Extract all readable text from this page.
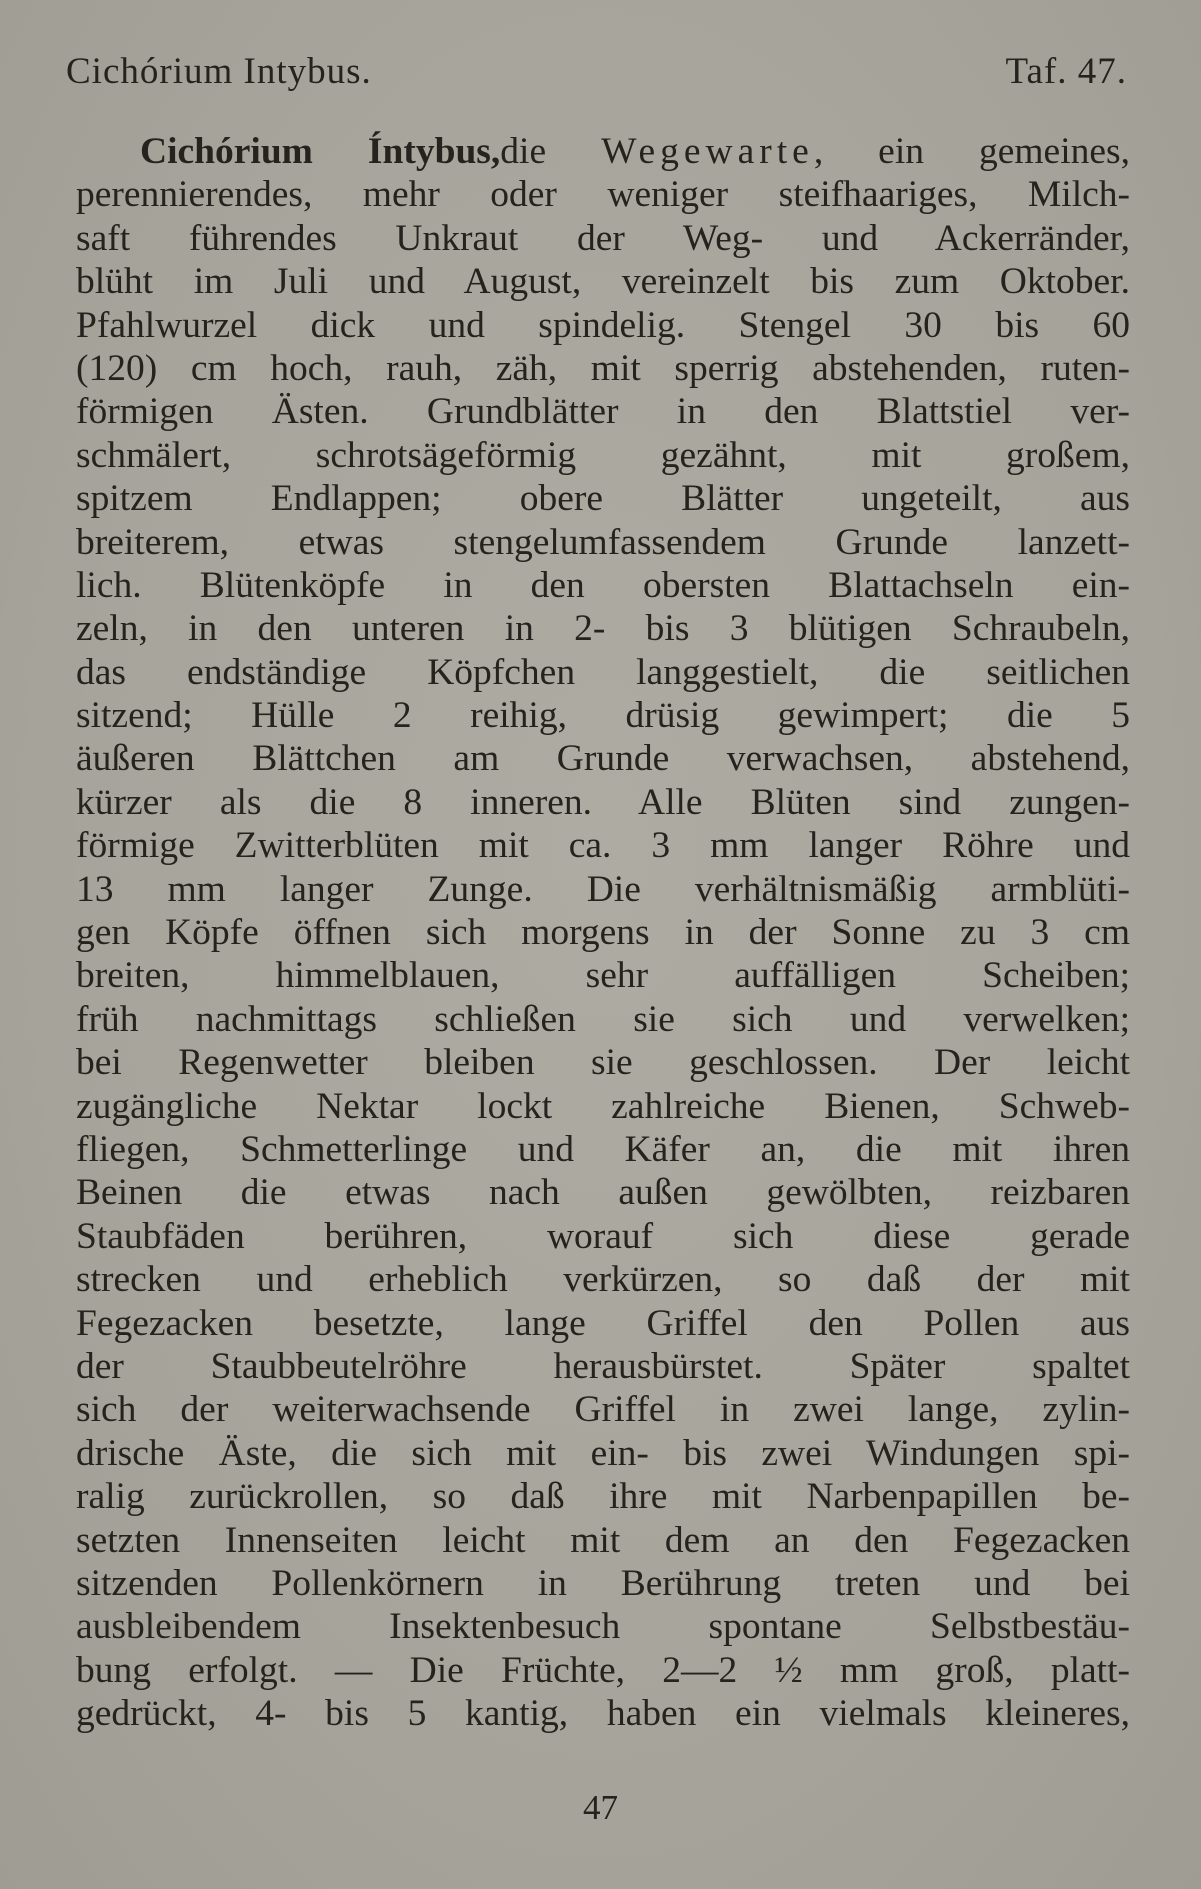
Cichórium Intybus.	Taf. 47.
Cichórium Íntybus,die Wegewarte, ein gemeines,
perennierendes, mehr oder weniger steifhaariges, Milch-
saft führendes Unkraut der Weg- und Ackerränder,
blüht im Juli und August, vereinzelt bis zum Oktober.
Pfahlwurzel dick und spindelig. Stengel 30 bis 60
(120) cm hoch, rauh, zäh, mit sperrig abstehenden, ruten-
förmigen Ästen. Grundblätter in den Blattstiel ver-
schmälert, schrotsägeförmig gezähnt, mit großem,
spitzem Endlappen; obere Blätter ungeteilt, aus
breiterem, etwas stengelumfassendem Grunde lanzett-
lich. Blütenköpfe in den obersten Blattachseln ein-
zeln, in den unteren in 2- bis 3 blütigen Schraubeln,
das endständige Köpfchen langgestielt, die seitlichen
sitzend; Hülle 2 reihig, drüsig gewimpert; die 5
äußeren Blättchen am Grunde verwachsen, abstehend,
kürzer als die 8 inneren. Alle Blüten sind zungen-
förmige Zwitterblüten mit ca. 3 mm langer Röhre und
13 mm langer Zunge. Die verhältnismäßig armblüti-
gen Köpfe öffnen sich morgens in der Sonne zu 3 cm
breiten, himmelblauen, sehr auffälligen Scheiben;
früh nachmittags schließen sie sich und verwelken;
bei Regenwetter bleiben sie geschlossen. Der leicht
zugängliche Nektar lockt zahlreiche Bienen, Schweb-
fliegen, Schmetterlinge und Käfer an, die mit ihren
Beinen die etwas nach außen gewölbten, reizbaren
Staubfäden berühren, worauf sich diese gerade
strecken und erheblich verkürzen, so daß der mit
Fegezacken besetzte, lange Griffel den Pollen aus
der Staubbeutelröhre herausbürstet. Später spaltet
sich der weiterwachsende Griffel in zwei lange, zylin-
drische Äste, die sich mit ein- bis zwei Windungen spi-
ralig zurückrollen, so daß ihre mit Narbenpapillen be-
setzten Innenseiten leicht mit dem an den Fegezacken
sitzenden Pollenkörnern in Berührung treten und bei
ausbleibendem Insektenbesuch spontane Selbstbestäu-
bung erfolgt. — Die Früchte, 2—2 ½ mm groß, platt-
gedrückt, 4- bis 5 kantig, haben ein vielmals kleineres,
47
